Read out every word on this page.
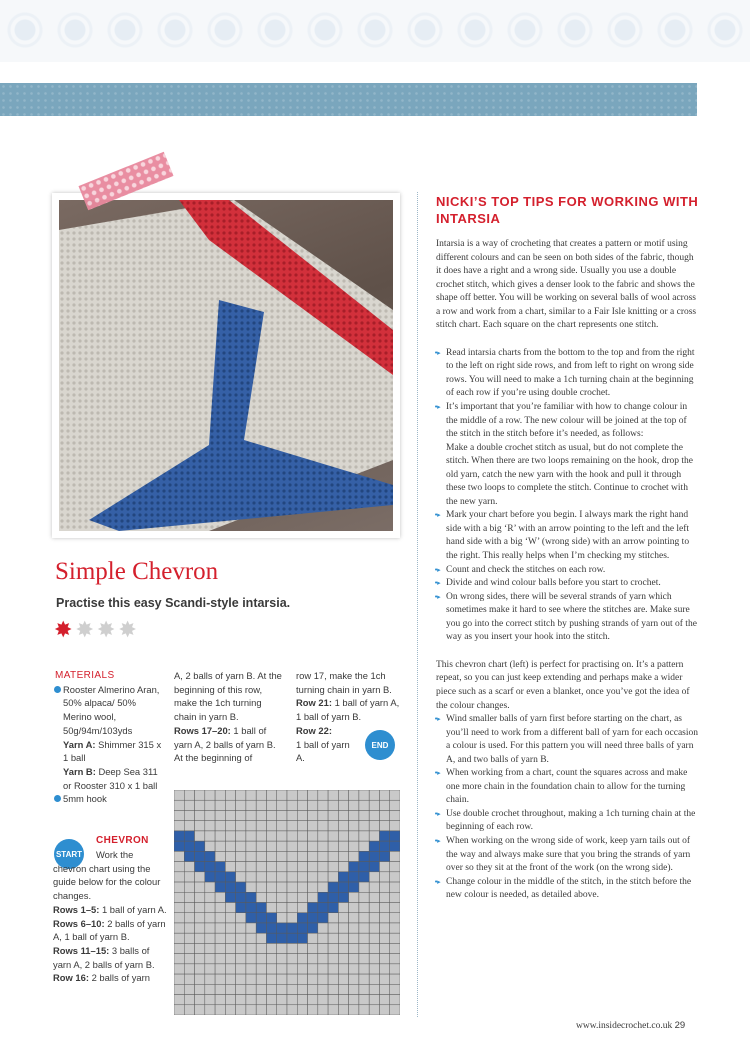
Simple Chevron

Practise this easy Scandi-style intarsia.

✸ ✸ ✸ ✸

MATERIALS

Rooster Almerino Aran, 50% alpaca/ 50% Merino wool, 50g/94m/103yds

Yarn A: Shimmer 315 x 1 ball

Yarn B: Deep Sea 311 or Rooster 310 x 1 ball

5mm hook

START

CHEVRON

Work the chevron chart using the guide below for the colour changes.

Rows 1–5: 1 ball of yarn A.

Rows 6–10: 2 balls of yarn A, 1 ball of yarn B.

Rows 11–15: 3 balls of yarn A, 2 balls of yarn B.

Row 16: 2 balls of yarn

A, 2 balls of yarn B. At the beginning of this row, make the 1ch turning chain in yarn B.

Rows 17–20: 1 ball of yarn A, 2 balls of yarn B. At the beginning of

row 17, make the 1ch turning chain in yarn B.

Row 21: 1 ball of yarn A, 1 ball of yarn B.

Row 22:

1 ball of yarn A.

END
NICKI’S TOP TIPS FOR WORKING WITH INTARSIA

Intarsia is a way of crocheting that creates a pattern or motif using different colours and can be seen on both sides of the fabric, though it does have a right and a wrong side. Usually you use a double crochet stitch, which gives a denser look to the fabric and shows the shape off better. You will be working on several balls of wool across a row and work from a chart, similar to a Fair Isle knitting or a cross stitch chart. Each square on the chart represents one stitch.

•▸ Read intarsia charts from the bottom to the top and from the right to the left on right side rows, and from left to right on wrong side rows. You will need to make a 1ch turning chain at the beginning of each row if you’re using double crochet.

•▸ It’s important that you’re familiar with how to change colour in the middle of a row. The new colour will be joined at the top of the stitch in the stitch before it’s needed, as follows:

Make a double crochet stitch as usual, but do not complete the stitch. When there are two loops remaining on the hook, drop the old yarn, catch the new yarn with the hook and pull it through these two loops to complete the stitch. Continue to crochet with the new yarn.

•▸ Mark your chart before you begin. I always mark the right hand side with a big ‘R’ with an arrow pointing to the left and the left hand side with a big ‘W’ (wrong side) with an arrow pointing to the right. This really helps when I’m checking my stitches.

•▸ Count and check the stitches on each row.

•▸ Divide and wind colour balls before you start to crochet.

•▸ On wrong sides, there will be several strands of yarn which sometimes make it hard to see where the stitches are. Make sure you go into the correct stitch by pushing strands of yarn out of the way as you insert your hook into the stitch.

This chevron chart (left) is perfect for practising on. It’s a pattern repeat, so you can just keep extending and perhaps make a wider piece such as a scarf or even a blanket, once you’ve got the idea of the colour changes.

•▸ Wind smaller balls of yarn first before starting on the chart, as you’ll need to work from a different ball of yarn for each occasion a colour is used. For this pattern you will need three balls of yarn A, and two balls of yarn B.

•▸ When working from a chart, count the squares across and make one more chain in the foundation chain to allow for the turning chain.

•▸ Use double crochet throughout, making a 1ch turning chain at the beginning of each row.

•▸ When working on the wrong side of work, keep yarn tails out of the way and always make sure that you bring the strands of yarn over so they sit at the front of the work (on the wrong side).

•▸ Change colour in the middle of the stitch, in the stitch before the new colour is needed, as detailed above.

www.insidecrochet.co.uk 29
